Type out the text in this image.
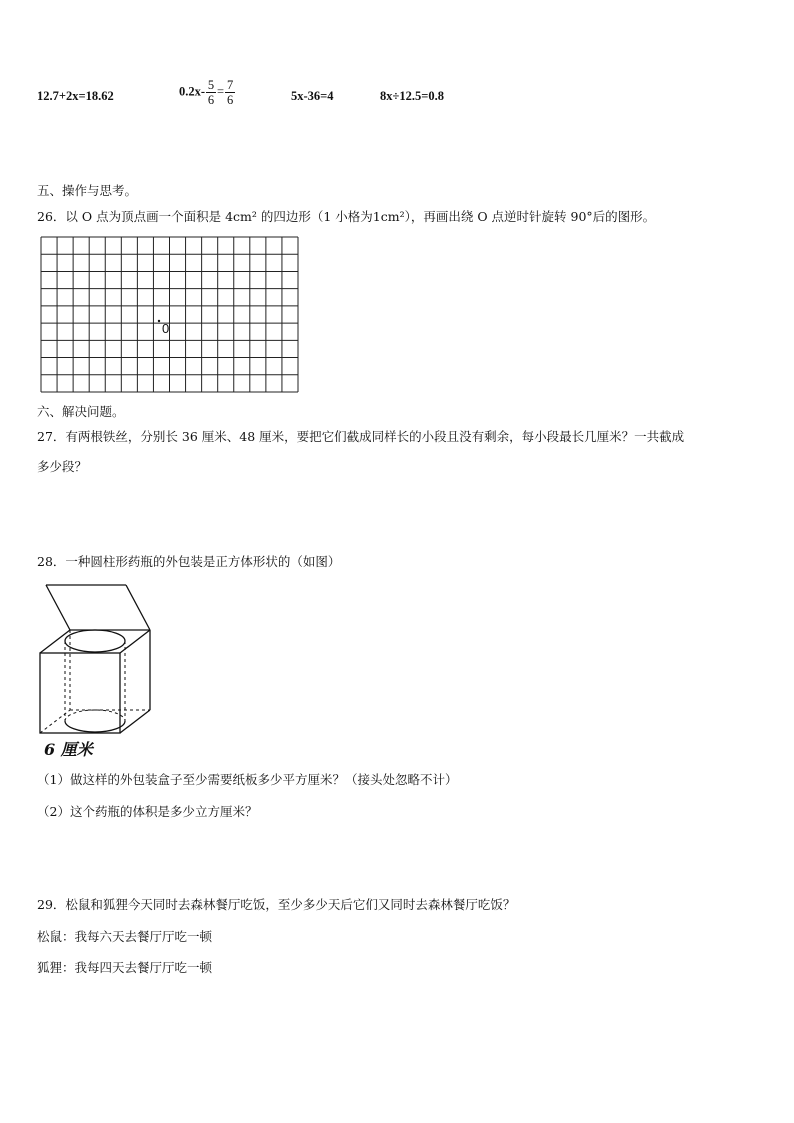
12.7+2x=18.62	$0.2x- \frac{5}{6} = \frac{7}{6}$	5x-36=4	8x÷12.5=0.8
五、操作与思考。
26．以 O 点为顶点画一个面积是 4cm² 的四边形（1 小格为1cm²），再画出绕 O 点逆时针旋转 90°后的图形。
0
六、解决问题。
27．有两根铁丝，分别长 36 厘米、48 厘米，要把它们截成同样长的小段且没有剩余，每小段最长几厘米？一共截成
多少段？
28．一种圆柱形药瓶的外包装是正方体形状的（如图）
6 厘米
（1）做这样的外包装盒子至少需要纸板多少平方厘米？（接头处忽略不计）
（2）这个药瓶的体积是多少立方厘米？
29．松鼠和狐狸今天同时去森林餐厅吃饭，至少多少天后它们又同时去森林餐厅吃饭？
松鼠：我每六天去餐厅厅吃一顿
狐狸：我每四天去餐厅厅吃一顿
